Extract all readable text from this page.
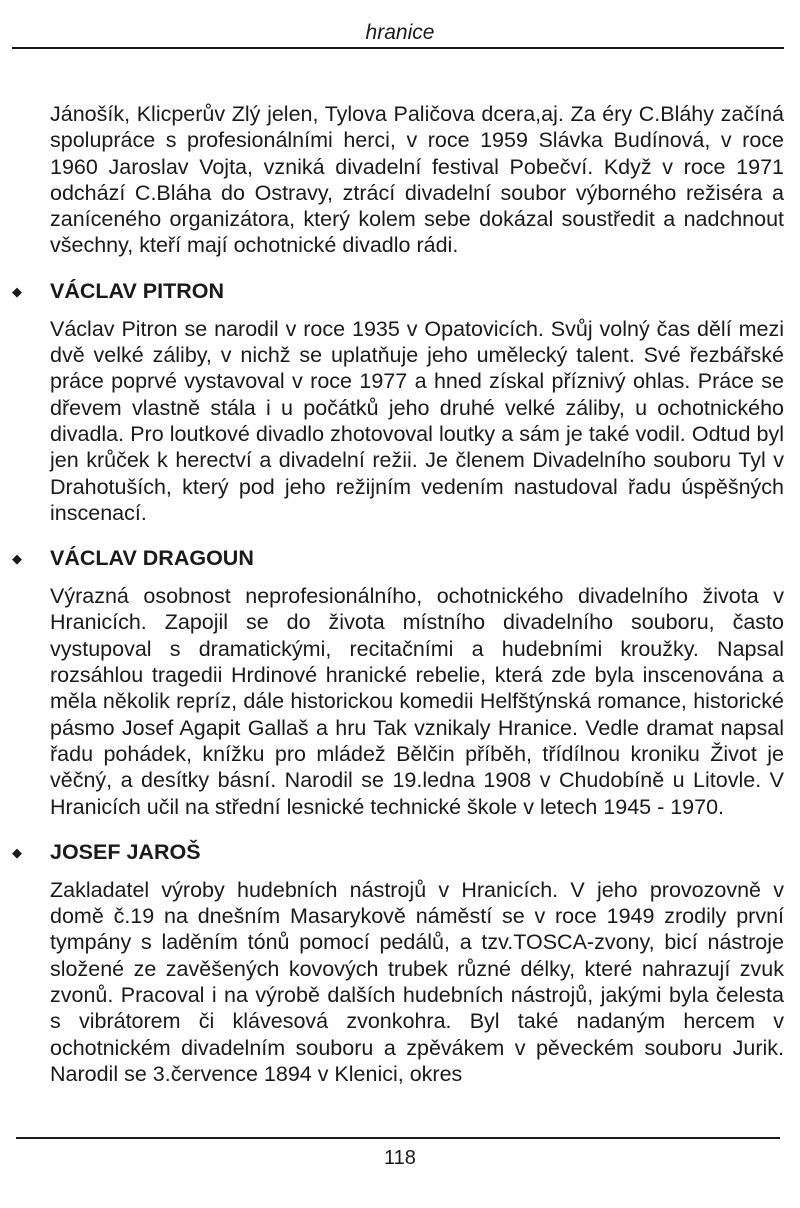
hranice

Jánošík, Klicperův Zlý jelen, Tylova Paličova dcera,aj. Za éry C.Bláhy začíná spolupráce s profesionálními herci, v roce 1959 Slávka Budínová, v roce 1960 Jaroslav Vojta, vzniká divadelní festival Pobečví. Když v roce 1971 odchází C.Bláha do Ostravy, ztrácí divadelní soubor výborného režiséra a zaníceného organizátora, který kolem sebe dokázal soustředit a nadchnout všechny, kteří mají ochotnické divadlo rádi.

◆ VÁCLAV PITRON

Václav Pitron se narodil v roce 1935 v Opatovicích. Svůj volný čas dělí mezi dvě velké záliby, v nichž se uplatňuje jeho umělecký talent. Své řezbářské práce poprvé vystavoval v roce 1977 a hned získal příznivý ohlas. Práce se dřevem vlastně stála i u počátků jeho druhé velké záliby, u ochotnického divadla. Pro loutkové divadlo zhotovoval loutky a sám je také vodil. Odtud byl jen krůček k herectví a divadelní režii. Je členem Divadelního souboru Tyl v Drahotuších, který pod jeho režijním vedením nastudoval řadu úspěšných inscenací.

◆ VÁCLAV DRAGOUN

Výrazná osobnost neprofesionálního, ochotnického divadelního života v Hranicích. Zapojil se do života místního divadelního souboru, často vystupoval s dramatickými, recitačními a hudebními kroužky. Napsal rozsáhlou tragedii Hrdinové hranické rebelie, která zde byla inscenována a měla několik repríz, dále historickou komedii Helfštýnská romance, historické pásmo Josef Agapit Gallaš a hru Tak vznikaly Hranice. Vedle dramat napsal řadu pohádek, knížku pro mládež Bělčin příběh, třídílnou kroniku Život je věčný, a desítky básní. Narodil se 19.ledna 1908 v Chudobíně u Litovle. V Hranicích učil na střední lesnické technické škole v letech 1945 - 1970.

◆ JOSEF JAROŠ

Zakladatel výroby hudebních nástrojů v Hranicích. V jeho provozovně v domě č.19 na dnešním Masarykově náměstí se v roce 1949 zrodily první tympány s laděním tónů pomocí pedálů, a tzv.TOSCA-zvony, bicí nástroje složené ze zavěšených kovových trubek různé délky, které nahrazují zvuk zvonů. Pracoval i na výrobě dalších hudebních nástrojů, jakými byla čelesta s vibrátorem či klávesová zvonkohra. Byl také nadaným hercem v ochotnickém divadelním souboru a zpěvákem v pěveckém souboru Jurik. Narodil se 3.července 1894 v Klenici, okres

118
